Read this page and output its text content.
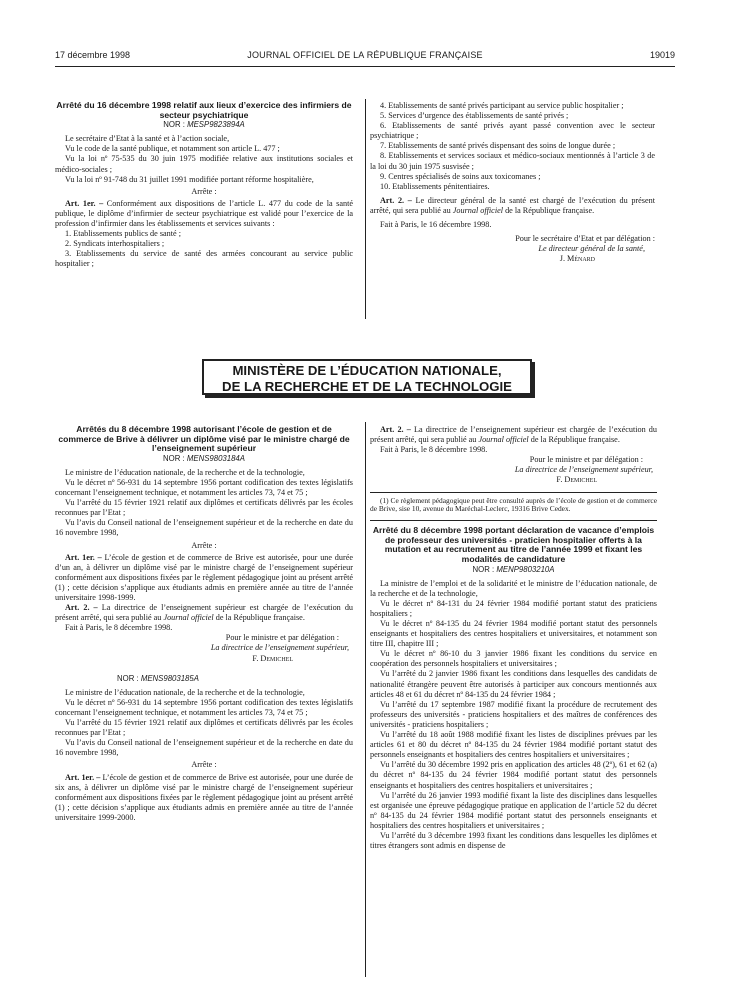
17 décembre 1998	JOURNAL OFFICIEL DE LA RÉPUBLIQUE FRANÇAISE	19019

Arrêté du 16 décembre 1998 relatif aux lieux d’exercice des infirmiers de secteur psychiatrique

NOR : MESP9823894A

Le secrétaire d’Etat à la santé et à l’action sociale,

Vu le code de la santé publique, et notamment son article L. 477 ;

Vu la loi nº 75-535 du 30 juin 1975 modifiée relative aux institutions sociales et médico-sociales ;

Vu la loi nº 91-748 du 31 juillet 1991 modifiée portant réforme hospitalière,

Arrête :

Art. 1er. – Conformément aux dispositions de l’article L. 477 du code de la santé publique, le diplôme d’infirmier de secteur psychiatrique est validé pour l’exercice de la profession d’infirmier dans les établissements et services suivants :

1. Etablissements publics de santé ;

2. Syndicats interhospitaliers ;

3. Etablissements du service de santé des armées concourant au service public hospitalier ;

4. Etablissements de santé privés participant au service public hospitalier ;

5. Services d’urgence des établissements de santé privés ;

6. Etablissements de santé privés ayant passé convention avec le secteur psychiatrique ;

7. Etablissements de santé privés dispensant des soins de longue durée ;

8. Etablissements et services sociaux et médico-sociaux mentionnés à l’article 3 de la loi du 30 juin 1975 susvisée ;

9. Centres spécialisés de soins aux toxicomanes ;

10. Etablissements pénitentiaires.

Art. 2. – Le directeur général de la santé est chargé de l’exécution du présent arrêté, qui sera publié au Journal officiel de la République française.

Fait à Paris, le 16 décembre 1998.

Pour le secrétaire d’Etat et par délégation :

Le directeur général de la santé,

J. Ménard

MINISTÈRE DE L’ÉDUCATION NATIONALE,
DE LA RECHERCHE ET DE LA TECHNOLOGIE

Arrêtés du 8 décembre 1998 autorisant l’école de gestion et de commerce de Brive à délivrer un diplôme visé par le ministre chargé de l’enseignement supérieur

NOR : MENS9803184A

Le ministre de l’éducation nationale, de la recherche et de la technologie,

Vu le décret nº 56-931 du 14 septembre 1956 portant codification des textes législatifs concernant l’enseignement technique, et notamment les articles 73, 74 et 75 ;

Vu l’arrêté du 15 février 1921 relatif aux diplômes et certificats délivrés par les écoles reconnues par l’Etat ;

Vu l’avis du Conseil national de l’enseignement supérieur et de la recherche en date du 16 novembre 1998,

Arrête :

Art. 1er. – L’école de gestion et de commerce de Brive est autorisée, pour une durée d’un an, à délivrer un diplôme visé par le ministre chargé de l’enseignement supérieur conformément aux dispositions fixées par le règlement pédagogique joint au présent arrêté (1) ; cette décision s’applique aux étudiants admis en première année au titre de l’année universitaire 1998-1999.

Art. 2. – La directrice de l’enseignement supérieur est chargée de l’exécution du présent arrêté, qui sera publié au Journal officiel de la République française.

Fait à Paris, le 8 décembre 1998.

Pour le ministre et par délégation :

La directrice de l’enseignement supérieur,

F. Demichel

NOR : MENS9803185A

Le ministre de l’éducation nationale, de la recherche et de la technologie,

Vu le décret nº 56-931 du 14 septembre 1956 portant codification des textes législatifs concernant l’enseignement technique, et notamment les articles 73, 74 et 75 ;

Vu l’arrêté du 15 février 1921 relatif aux diplômes et certificats délivrés par les écoles reconnues par l’Etat ;

Vu l’avis du Conseil national de l’enseignement supérieur et de la recherche en date du 16 novembre 1998,

Arrête :

Art. 1er. – L’école de gestion et de commerce de Brive est autorisée, pour une durée de six ans, à délivrer un diplôme visé par le ministre chargé de l’enseignement supérieur conformément aux dispositions fixées par le règlement pédagogique joint au présent arrêté (1) ; cette décision s’applique aux étudiants admis en première année au titre de l’année universitaire 1999-2000.

Art. 2. – La directrice de l’enseignement supérieur est chargée de l’exécution du présent arrêté, qui sera publié au Journal officiel de la République française.

Fait à Paris, le 8 décembre 1998.

Pour le ministre et par délégation :

La directrice de l’enseignement supérieur,

F. Demichel

(1) Ce règlement pédagogique peut être consulté auprès de l’école de gestion et de commerce de Brive, sise 10, avenue du Maréchal-Leclerc, 19316 Brive Cedex.

Arrêté du 8 décembre 1998 portant déclaration de vacance d’emplois de professeur des universités - praticien hospitalier offerts à la mutation et au recrutement au titre de l’année 1999 et fixant les modalités de candidature

NOR : MENP9803210A

La ministre de l’emploi et de la solidarité et le ministre de l’éducation nationale, de la recherche et de la technologie,

Vu le décret nº 84-131 du 24 février 1984 modifié portant statut des praticiens hospitaliers ;

Vu le décret nº 84-135 du 24 février 1984 modifié portant statut des personnels enseignants et hospitaliers des centres hospitaliers et universitaires, et notamment son titre III, chapitre III ;

Vu le décret nº 86-10 du 3 janvier 1986 fixant les conditions du service en coopération des personnels hospitaliers et universitaires ;

Vu l’arrêté du 2 janvier 1986 fixant les conditions dans lesquelles des candidats de nationalité étrangère peuvent être autorisés à participer aux concours mentionnés aux articles 48 et 61 du décret nº 84-135 du 24 février 1984 ;

Vu l’arrêté du 17 septembre 1987 modifié fixant la procédure de recrutement des professeurs des universités - praticiens hospitaliers et des maîtres de conférences des universités - praticiens hospitaliers ;

Vu l’arrêté du 18 août 1988 modifié fixant les listes de disciplines prévues par les articles 61 et 80 du décret nº 84-135 du 24 février 1984 modifié portant statut des personnels enseignants et hospitaliers des centres hospitaliers et universitaires ;

Vu l’arrêté du 30 décembre 1992 pris en application des articles 48 (2º), 61 et 62 (a) du décret nº 84-135 du 24 février 1984 modifié portant statut des personnels enseignants et hospitaliers des centres hospitaliers et universitaires ;

Vu l’arrêté du 26 janvier 1993 modifié fixant la liste des disciplines dans lesquelles est organisée une épreuve pédagogique pratique en application de l’article 52 du décret nº 84-135 du 24 février 1984 modifié portant statut des personnels enseignants et hospitaliers des centres hospitaliers et universitaires ;

Vu l’arrêté du 3 décembre 1993 fixant les conditions dans lesquelles les diplômes et titres étrangers sont admis en dispense de
